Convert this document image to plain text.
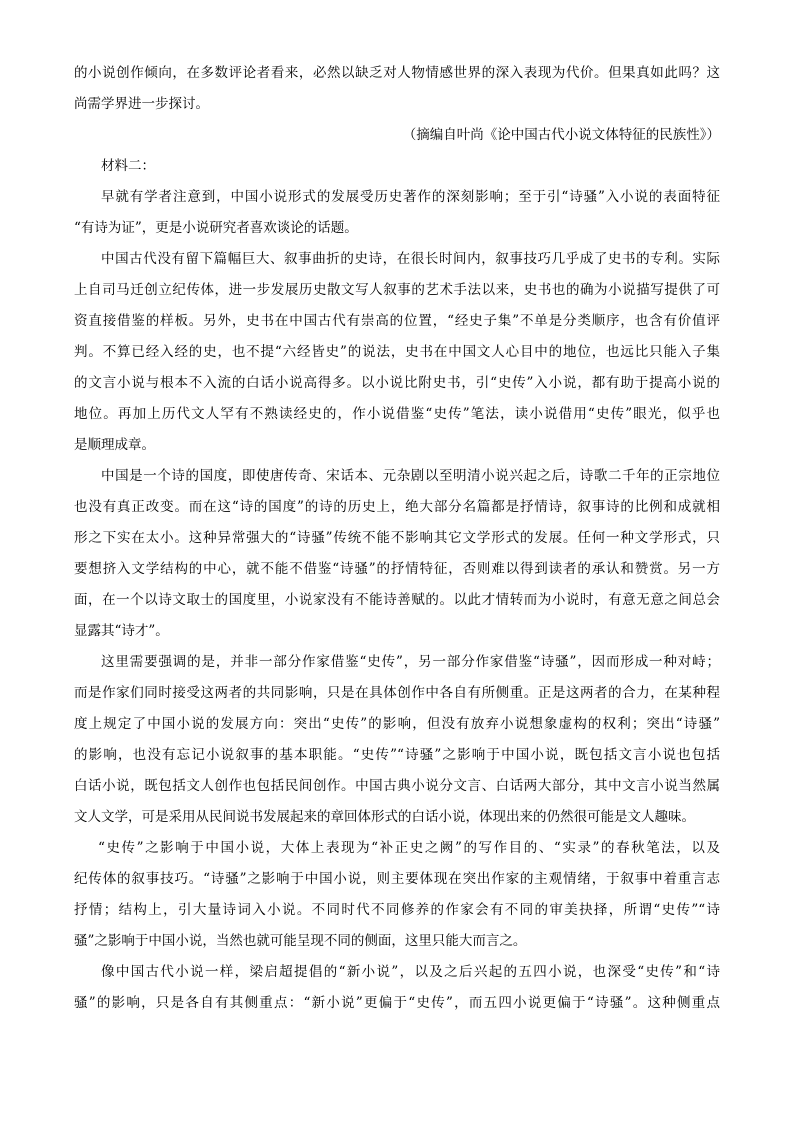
的小说创作倾向，在多数评论者看来，必然以缺乏对人物情感世界的深入表现为代价。但果真如此吗？这
尚需学界进一步探讨。
（摘编自叶尚《论中国古代小说文体特征的民族性》）
材料二：
早就有学者注意到，中国小说形式的发展受历史著作的深刻影响；至于引“诗骚”入小说的表面特征
“有诗为证”，更是小说研究者喜欢谈论的话题。
中国古代没有留下篇幅巨大、叙事曲折的史诗，在很长时间内，叙事技巧几乎成了史书的专利。实际
上自司马迁创立纪传体，进一步发展历史散文写人叙事的艺术手法以来，史书也的确为小说描写提供了可
资直接借鉴的样板。另外，史书在中国古代有崇高的位置，“经史子集”不单是分类顺序，也含有价值评
判。不算已经入经的史，也不提“六经皆史”的说法，史书在中国文人心目中的地位，也远比只能入子集
的文言小说与根本不入流的白话小说高得多。以小说比附史书，引“史传”入小说，都有助于提高小说的
地位。再加上历代文人罕有不熟读经史的，作小说借鉴“史传”笔法，读小说借用“史传”眼光，似乎也
是顺理成章。
中国是一个诗的国度，即使唐传奇、宋话本、元杂剧以至明清小说兴起之后，诗歌二千年的正宗地位
也没有真正改变。而在这“诗的国度”的诗的历史上，绝大部分名篇都是抒情诗，叙事诗的比例和成就相
形之下实在太小。这种异常强大的“诗骚”传统不能不影响其它文学形式的发展。任何一种文学形式，只
要想挤入文学结构的中心，就不能不借鉴“诗骚”的抒情特征，否则难以得到读者的承认和赞赏。另一方
面，在一个以诗文取士的国度里，小说家没有不能诗善赋的。以此才情转而为小说时，有意无意之间总会
显露其“诗才”。
这里需要强调的是，并非一部分作家借鉴“史传”，另一部分作家借鉴“诗骚”，因而形成一种对峙；
而是作家们同时接受这两者的共同影响，只是在具体创作中各自有所侧重。正是这两者的合力，在某种程
度上规定了中国小说的发展方向：突出“史传”的影响，但没有放弃小说想象虚构的权利；突出“诗骚”
的影响，也没有忘记小说叙事的基本职能。“史传”“诗骚”之影响于中国小说，既包括文言小说也包括
白话小说，既包括文人创作也包括民间创作。中国古典小说分文言、白话两大部分，其中文言小说当然属
文人文学，可是采用从民间说书发展起来的章回体形式的白话小说，体现出来的仍然很可能是文人趣味。
“史传”之影响于中国小说，大体上表现为“补正史之阙”的写作目的、“实录”的春秋笔法，以及
纪传体的叙事技巧。“诗骚”之影响于中国小说，则主要体现在突出作家的主观情绪，于叙事中着重言志
抒情；结构上，引大量诗词入小说。不同时代不同修养的作家会有不同的审美抉择，所谓“史传”“诗
骚”之影响于中国小说，当然也就可能呈现不同的侧面，这里只能大而言之。
像中国古代小说一样，梁启超提倡的“新小说”，以及之后兴起的五四小说，也深受“史传”和“诗
骚”的影响，只是各自有其侧重点：“新小说”更偏于“史传”，而五四小说更偏于“诗骚”。这种侧重点
